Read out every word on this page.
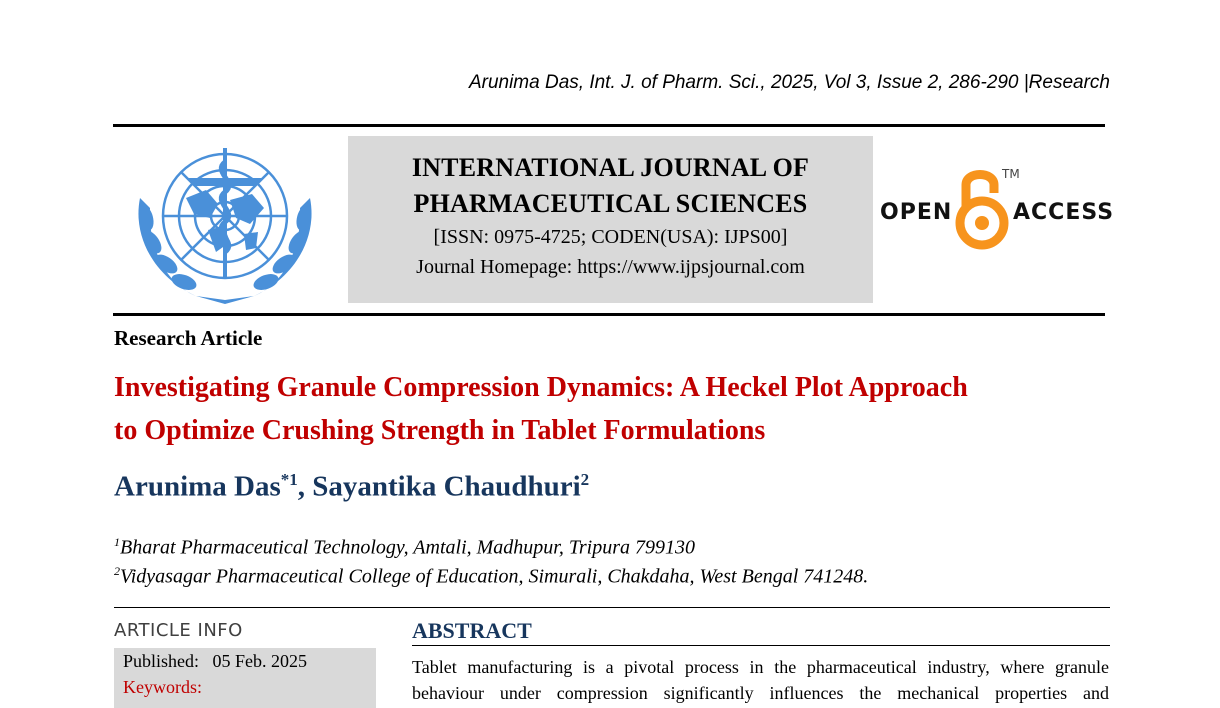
Arunima Das, Int. J. of Pharm. Sci., 2025, Vol 3, Issue 2, 286-290 |Research
INTERNATIONAL JOURNAL OF
PHARMACEUTICAL SCIENCES
[ISSN: 0975-4725; CODEN(USA): IJPS00]
Journal Homepage: https://www.ijpsjournal.com
OPEN
TM
ACCESS
Research Article
Investigating Granule Compression Dynamics: A Heckel Plot Approach
to Optimize Crushing Strength in Tablet Formulations
Arunima Das$^{*1}$, Sayantika Chaudhuri$^2$
$^1$Bharat Pharmaceutical Technology, Amtali, Madhupur, Tripura 799130
$^2$Vidyasagar Pharmaceutical College of Education, Simurali, Chakdaha, West Bengal 741248.
ARTICLE INFO
Published: 05 Feb. 2025
Keywords:
ABSTRACT
Tablet manufacturing is a pivotal process in the pharmaceutical industry, where granule
behaviour under compression significantly influences the mechanical properties and
